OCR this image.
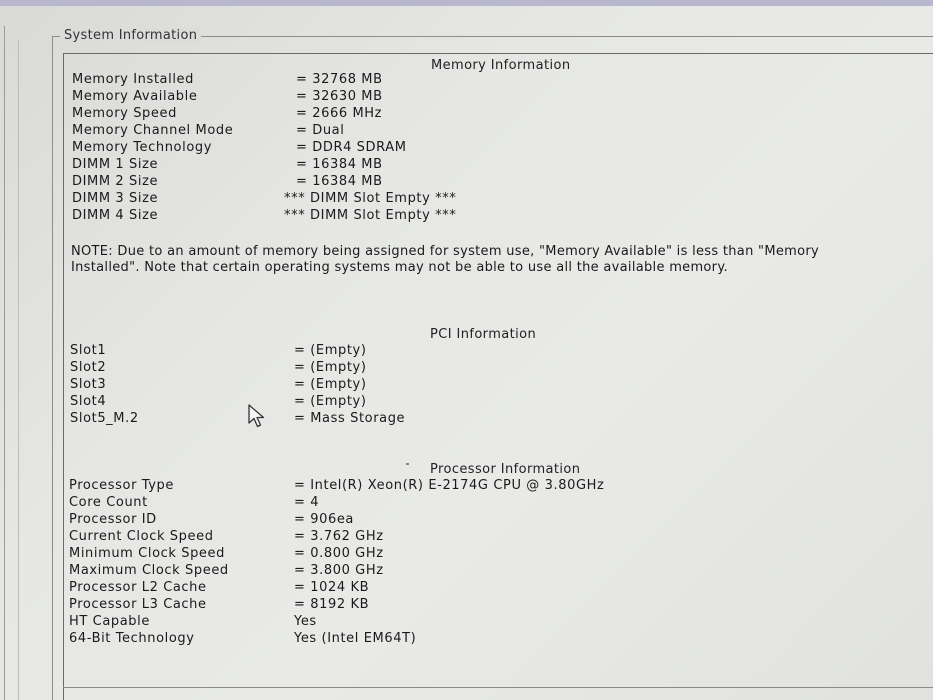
System Information
Memory Information
Memory Installed	= 32768 MB
Memory Available	= 32630 MB
Memory Speed	= 2666 MHz
Memory Channel Mode	= Dual
Memory Technology	= DDR4 SDRAM
DIMM 1 Size	= 16384 MB
DIMM 2 Size	= 16384 MB
DIMM 3 Size	*** DIMM Slot Empty ***
DIMM 4 Size	*** DIMM Slot Empty ***
NOTE: Due to an amount of memory being assigned for system use, "Memory Available" is less than "Memory Installed". Note that certain operating systems may not be able to use all the available memory.
PCI Information
Slot1	= (Empty)
Slot2	= (Empty)
Slot3	= (Empty)
Slot4	= (Empty)
Slot5_M.2	= Mass Storage
Processor Information
Processor Type	= Intel(R) Xeon(R) E-2174G CPU @ 3.80GHz
Core Count	= 4
Processor ID	= 906ea
Current Clock Speed	= 3.762 GHz
Minimum Clock Speed	= 0.800 GHz
Maximum Clock Speed	= 3.800 GHz
Processor L2 Cache	= 1024 KB
Processor L3 Cache	= 8192 KB
HT Capable	Yes
64-Bit Technology	Yes (Intel EM64T)
